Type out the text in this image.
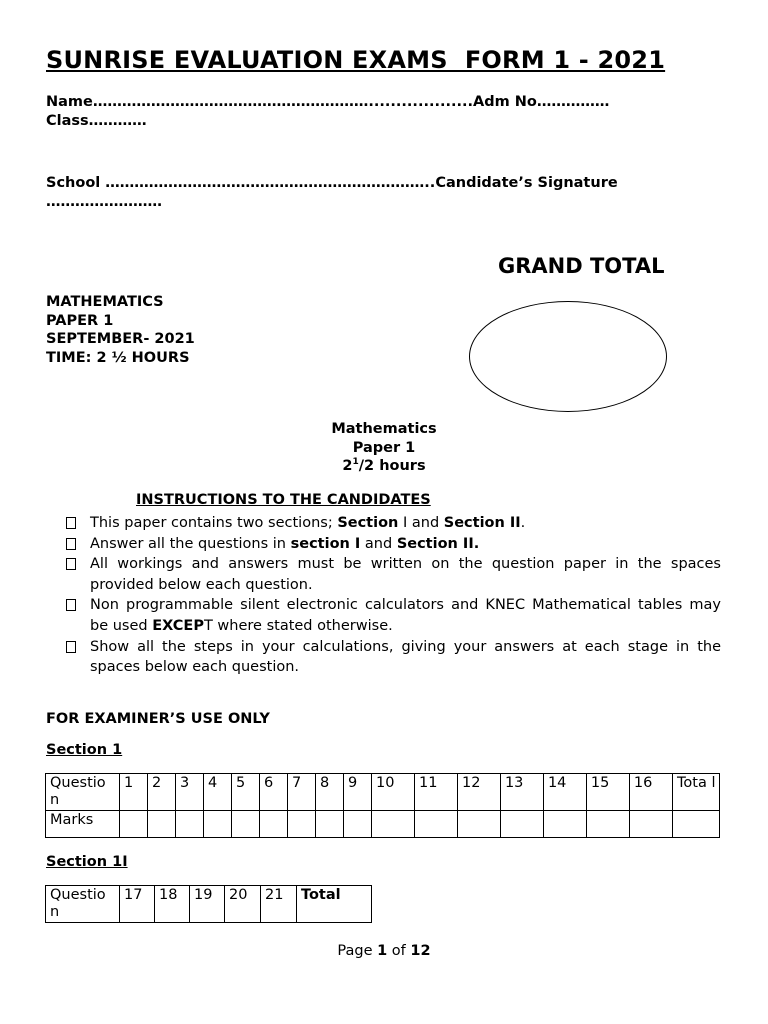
SUNRISE EVALUATION EXAMS  FORM 1 - 2021
Name…………………………………………………...................Adm No……………
Class…………
School …………………………………………………………..Candidate’s Signature
……………………
GRAND TOTAL
MATHEMATICS
PAPER 1
SEPTEMBER- 2021
TIME: 2 ½ HOURS
Mathematics
Paper 1
$2^1/2$ hours
INSTRUCTIONS TO THE CANDIDATES
This paper contains two sections; Section I and Section II.
Answer all the questions in section I and Section II.
All workings and answers must be written on the question paper in the spaces provided below each question.
Non programmable silent electronic calculators and KNEC Mathematical tables may be used EXCEPT where stated otherwise.
Show all the steps in your calculations, giving your answers at each stage in the spaces below each question.
FOR EXAMINER’S USE ONLY
Section 1
Questio n	1	2	3	4	5	6	7	8	9	10	11	12	13	14	15	16	Tota l
Marks																	
Section 1I
Questio n	17	18	19	20	21	Total
Page 1 of 12
